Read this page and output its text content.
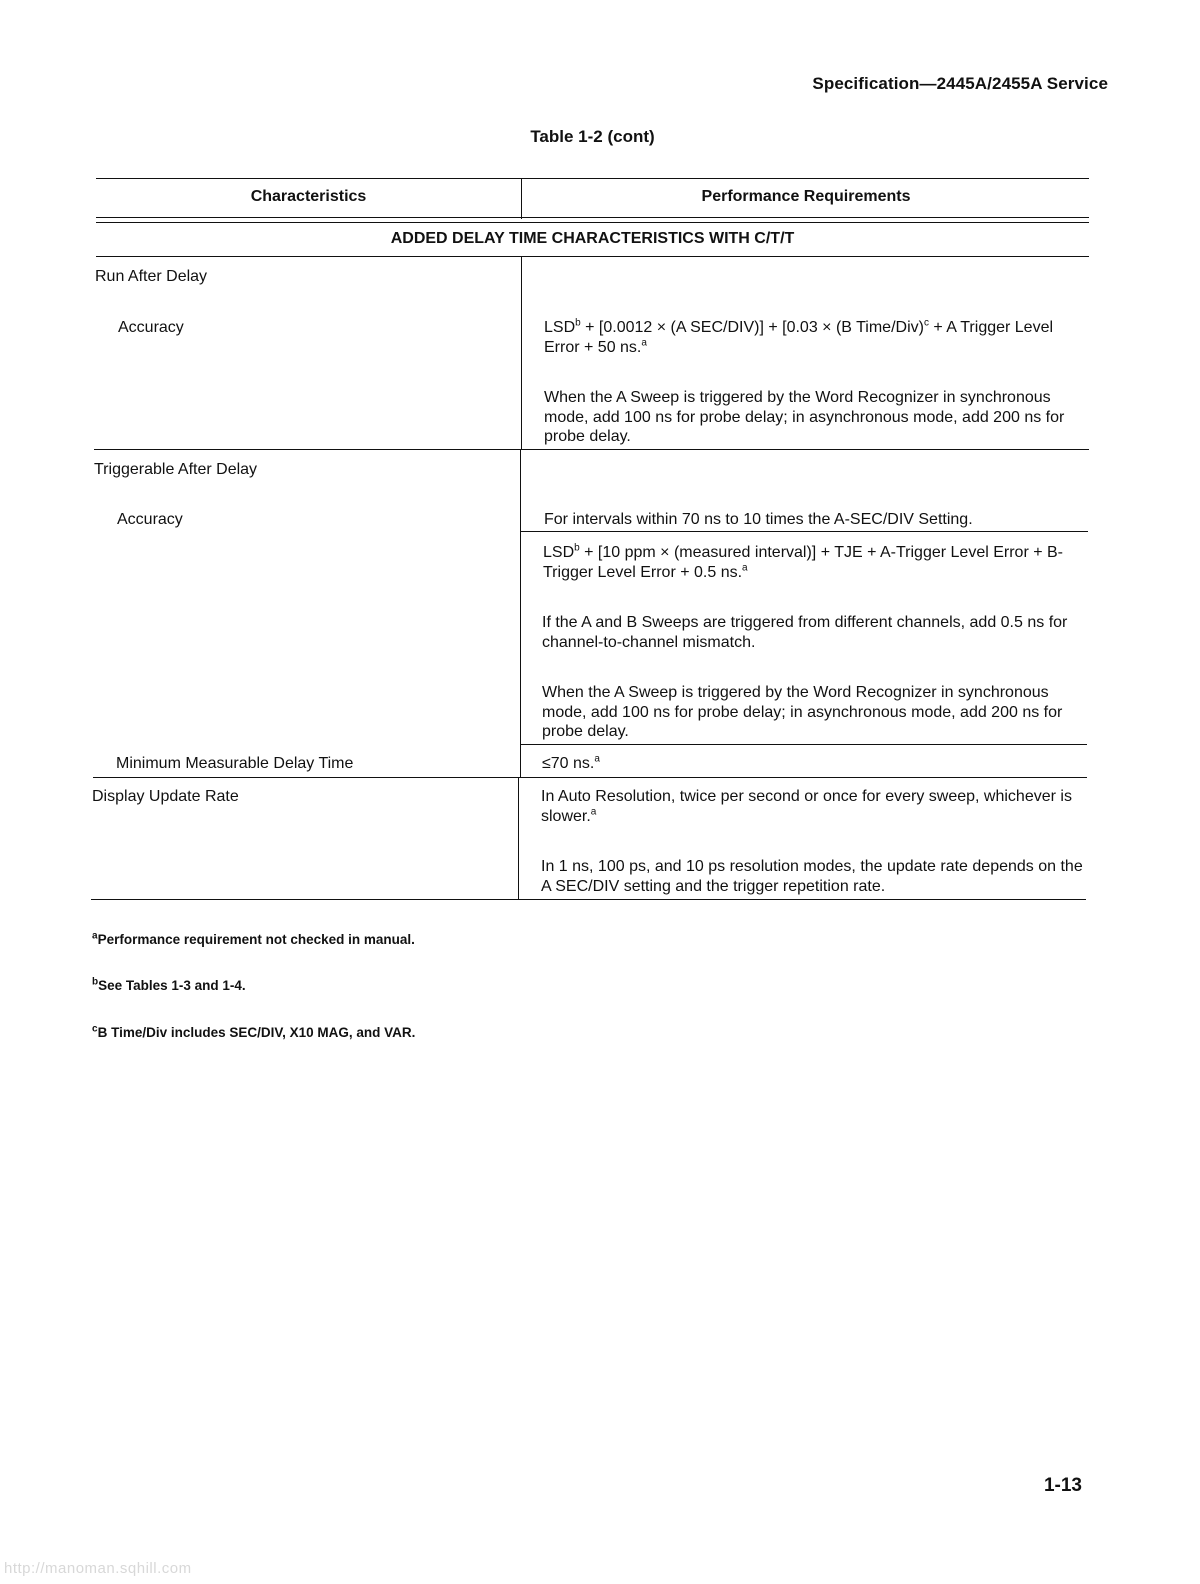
Specification—2445A/2455A Service
Table 1-2 (cont)
Characteristics	Performance Requirements
ADDED DELAY TIME CHARACTERISTICS WITH C/T/T
Run After Delay
Accuracy	$LSD^b + [0.0012 \times (A$ SEC/DIV)] + [0.03 × (B Time/Div)$^c$ + A Trigger Level Error + 50 ns.$^a$
When the A Sweep is triggered by the Word Recognizer in synchronous mode, add 100 ns for probe delay; in asynchronous mode, add 200 ns for probe delay.
Triggerable After Delay
Accuracy	For intervals within 70 ns to 10 times the A-SEC/DIV Setting.
$LSD^b + [10$ ppm × (measured interval)] + TJE + A-Trigger Level Error + B-Trigger Level Error + 0.5 ns.$^a$
If the A and B Sweeps are triggered from different channels, add 0.5 ns for channel-to-channel mismatch.
When the A Sweep is triggered by the Word Recognizer in synchronous mode, add 100 ns for probe delay; in asynchronous mode, add 200 ns for probe delay.
Minimum Measurable Delay Time	≤70 ns.$^a$
Display Update Rate	In Auto Resolution, twice per second or once for every sweep, whichever is slower.$^a$
In 1 ns, 100 ps, and 10 ps resolution modes, the update rate depends on the A SEC/DIV setting and the trigger repetition rate.
$^a$Performance requirement not checked in manual.
$^b$See Tables 1-3 and 1-4.
$^c$B Time/Div includes SEC/DIV, X10 MAG, and VAR.
1-13
http://manoman.sqhill.com
